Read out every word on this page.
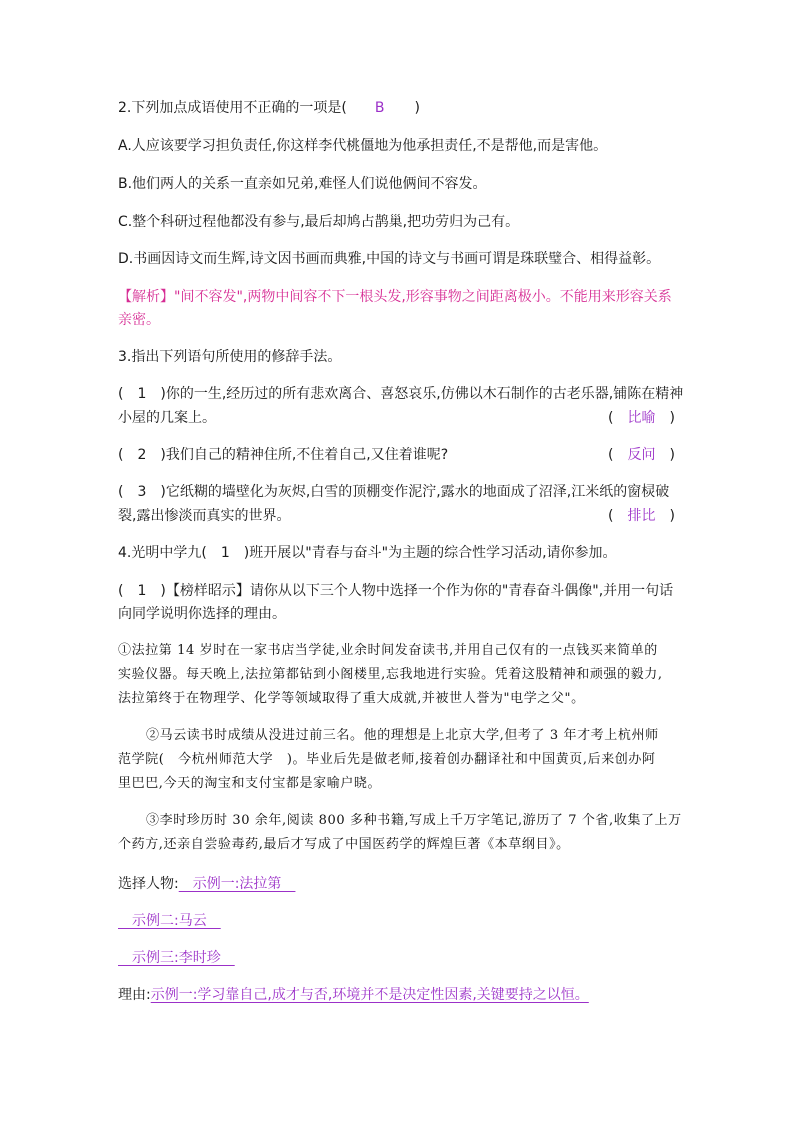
2.下列加点成语使用不正确的一项是( B )
A.人应该要学习担负责任,你这样李代桃僵地为他承担责任,不是帮他,而是害他。
B.他们两人的关系一直亲如兄弟,难怪人们说他俩间不容发。
C.整个科研过程他都没有参与,最后却鸠占鹊巢,把功劳归为己有。
D.书画因诗文而生辉,诗文因书画而典雅,中国的诗文与书画可谓是珠联璧合、相得益彰。
【解析】"间不容发",两物中间容不下一根头发,形容事物之间距离极小。不能用来形容关系
亲密。
3.指出下列语句所使用的修辞手法。
(　1　)你的一生,经历过的所有悲欢离合、喜怒哀乐,仿佛以木石制作的古老乐器,铺陈在精神
小屋的几案上。	( 比喻 )
(　2　)我们自己的精神住所,不住着自己,又住着谁呢?	( 反问 )
(　3　)它纸糊的墙壁化为灰烬,白雪的顶棚变作泥泞,露水的地面成了沼泽,江米纸的窗棂破
裂,露出惨淡而真实的世界。	( 排比 )
4.光明中学九(　1　)班开展以"青春与奋斗"为主题的综合性学习活动,请你参加。
(　1　)【榜样昭示】请你从以下三个人物中选择一个作为你的"青春奋斗偶像",并用一句话
向同学说明你选择的理由。
①法拉第 14 岁时在一家书店当学徒,业余时间发奋读书,并用自己仅有的一点钱买来简单的
实验仪器。每天晚上,法拉第都钻到小阁楼里,忘我地进行实验。凭着这股精神和顽强的毅力,
法拉第终于在物理学、化学等领域取得了重大成就,并被世人誉为"电学之父"。
②马云读书时成绩从没进过前三名。他的理想是上北京大学,但考了 3 年才考上杭州师
范学院(　今杭州师范大学　)。毕业后先是做老师,接着创办翻译社和中国黄页,后来创办阿
里巴巴,今天的淘宝和支付宝都是家喻户晓。
③李时珍历时 30 余年,阅读 800 多种书籍,写成上千万字笔记,游历了 7 个省,收集了上万
个药方,还亲自尝验毒药,最后才写成了中国医药学的辉煌巨著《本草纲目》。
选择人物:　示例一:法拉第　
　示例二:马云　
　示例三:李时珍　
理由:示例一:学习靠自己,成才与否,环境并不是决定性因素,关键要持之以恒。
